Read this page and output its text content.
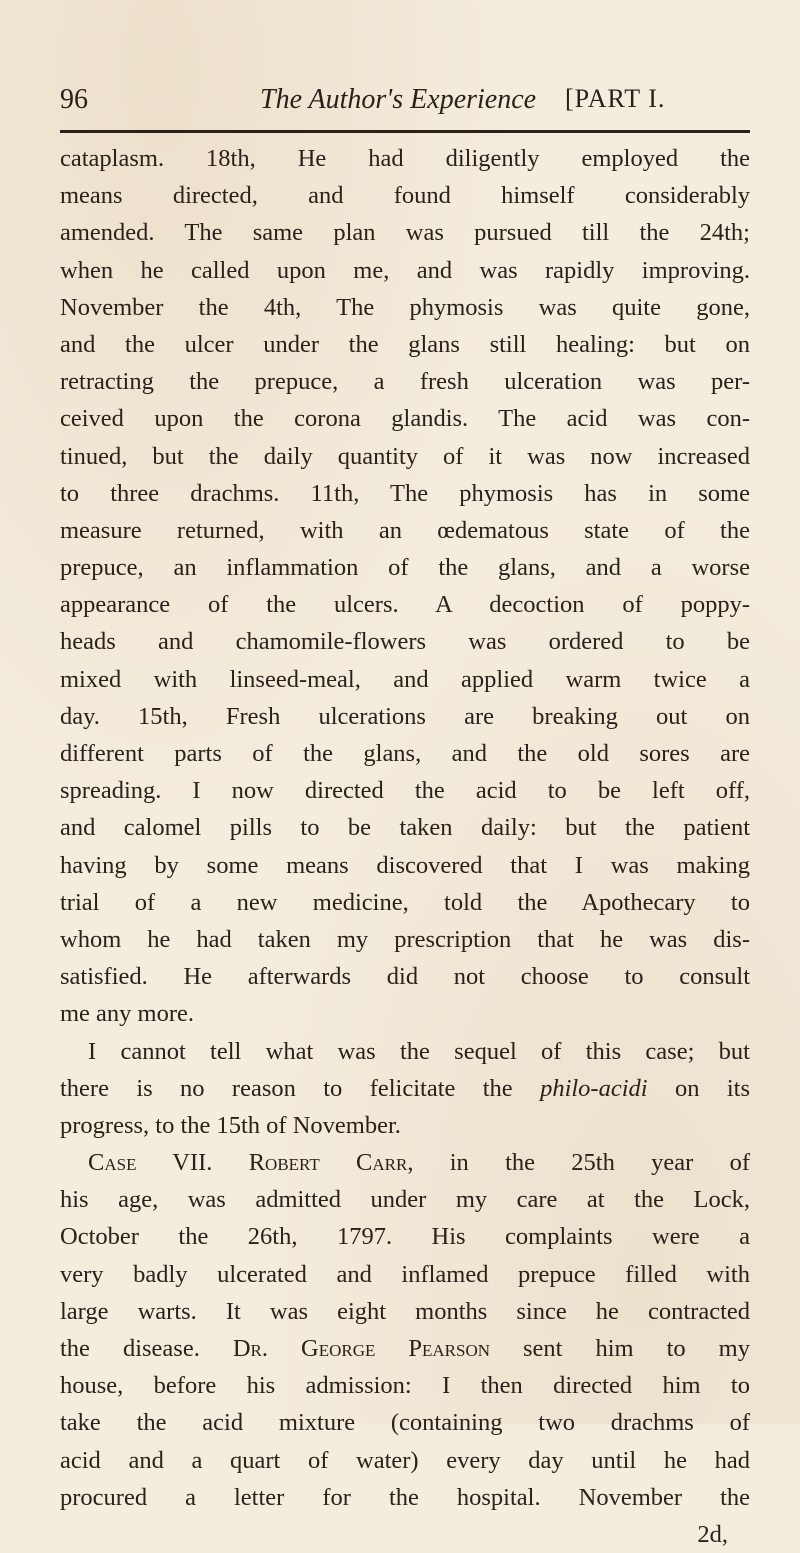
96	The Author's Experience [PART I.
cataplasm. 18th, He had diligently employed the
means directed, and found himself considerably
amended. The same plan was pursued till the 24th;
when he called upon me, and was rapidly improving.
November the 4th, The phymosis was quite gone,
and the ulcer under the glans still healing: but on
retracting the prepuce, a fresh ulceration was per-
ceived upon the corona glandis. The acid was con-
tinued, but the daily quantity of it was now increased
to three drachms. 11th, The phymosis has in some
measure returned, with an œdematous state of the
prepuce, an inflammation of the glans, and a worse
appearance of the ulcers. A decoction of poppy-
heads and chamomile-flowers was ordered to be
mixed with linseed-meal, and applied warm twice a
day. 15th, Fresh ulcerations are breaking out on
different parts of the glans, and the old sores are
spreading. I now directed the acid to be left off,
and calomel pills to be taken daily: but the patient
having by some means discovered that I was making
trial of a new medicine, told the Apothecary to
whom he had taken my prescription that he was dis-
satisfied. He afterwards did not choose to consult
me any more.
I cannot tell what was the sequel of this case; but
there is no reason to felicitate the philo-acidi on its
progress, to the 15th of November.
Case VII. Robert Carr, in the 25th year of
his age, was admitted under my care at the Lock,
October the 26th, 1797. His complaints were a
very badly ulcerated and inflamed prepuce filled with
large warts. It was eight months since he contracted
the disease. Dr. George Pearson sent him to my
house, before his admission: I then directed him to
take the acid mixture (containing two drachms of
acid and a quart of water) every day until he had
procured a letter for the hospital. November the
2d,
